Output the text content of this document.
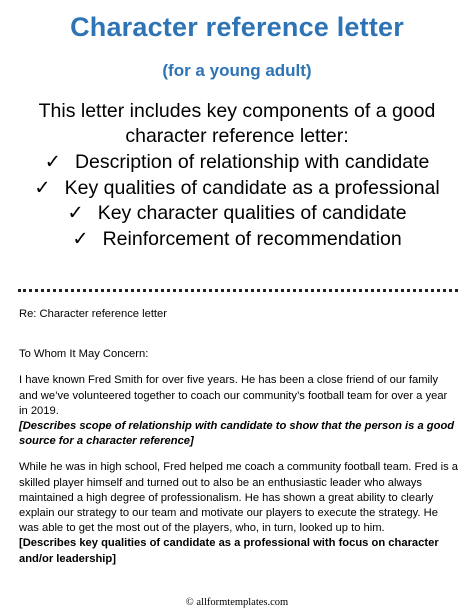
Character reference letter
(for a young adult)
This letter includes key components of a good character reference letter:
✓ Description of relationship with candidate
✓ Key qualities of candidate as a professional
✓ Key character qualities of candidate
✓ Reinforcement of recommendation

Re: Character reference letter

To Whom It May Concern:

I have known Fred Smith for over five years. He has been a close friend of our family and we’ve volunteered together to coach our community’s football team for over a year in 2019.

[Describes scope of relationship with candidate to show that the person is a good source for a character reference]

While he was in high school, Fred helped me coach a community football team. Fred is a skilled player himself and turned out to also be an enthusiastic leader who always maintained a high degree of professionalism. He has shown a great ability to clearly explain our strategy to our team and motivate our players to execute the strategy. He was able to get the most out of the players, who, in turn, looked up to him.

[Describes key qualities of candidate as a professional with focus on character and/or leadership]

© allformtemplates.com
